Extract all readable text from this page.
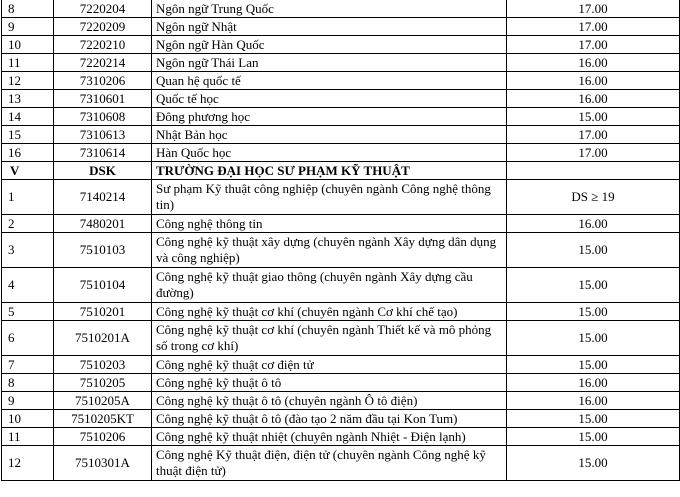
8	7220204	Ngôn ngữ Trung Quốc	17.00
9	7220209	Ngôn ngữ Nhật	17.00
10	7220210	Ngôn ngữ Hàn Quốc	17.00
11	7220214	Ngôn ngữ Thái Lan	16.00
12	7310206	Quan hệ quốc tế	16.00
13	7310601	Quốc tế học	16.00
14	7310608	Đông phương học	15.00
15	7310613	Nhật Bản học	17.00
16	7310614	Hàn Quốc học	17.00
V	DSK	TRƯỜNG ĐẠI HỌC SƯ PHẠM KỸ THUẬT	
1	7140214	Sư phạm Kỹ thuật công nghiệp (chuyên ngành Công nghệ thông tin)	DS ≥ 19
2	7480201	Công nghệ thông tin	16.00
3	7510103	Công nghệ kỹ thuật xây dựng (chuyên ngành Xây dựng dân dụng và công nghiệp)	15.00
4	7510104	Công nghệ kỹ thuật giao thông (chuyên ngành Xây dựng cầu đường)	15.00
5	7510201	Công nghệ kỹ thuật cơ khí (chuyên ngành Cơ khí chế tạo)	15.00
6	7510201A	Công nghệ kỹ thuật cơ khí (chuyên ngành Thiết kế và mô phỏng số trong cơ khí)	15.00
7	7510203	Công nghệ kỹ thuật cơ điện tử	15.00
8	7510205	Công nghệ kỹ thuật ô tô	16.00
9	7510205A	Công nghệ kỹ thuật ô tô (chuyên ngành Ô tô điện)	16.00
10	7510205KT	Công nghệ kỹ thuật ô tô (đào tạo 2 năm đầu tại Kon Tum)	15.00
11	7510206	Công nghệ kỹ thuật nhiệt (chuyên ngành Nhiệt - Điện lạnh)	15.00
12	7510301A	Công nghệ Kỹ thuật điện, điện tử (chuyên ngành Công nghệ kỹ thuật điện tử)	15.00
